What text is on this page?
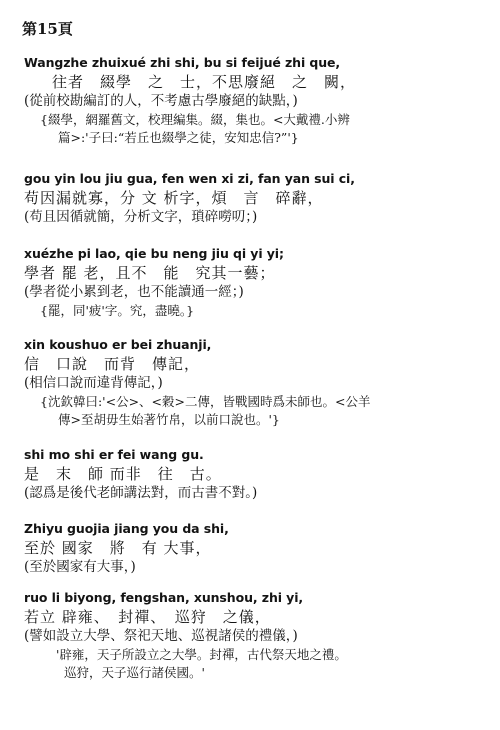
第15頁
Wangzhe zhuixué zhi shi, bu si feijué zhi que,
往者　綴學　之　士，不思廢絕　之　闕，
(從前校勘編訂的人，不考慮古學廢絕的缺點，)
{綴學，網羅舊文，校理編集。綴，集也。<大戴禮.小辨
篇>:'子曰:“若丘也綴學之徒，安知忠信?”'}
gou yin lou jiu gua, fen wen xi zi, fan yan sui ci,
苟因漏就寡，分 文 析字，煩　言　碎辭，
(苟且因循就簡，分析文字，瑣碎嘮叨；)
xuézhe pi lao, qie bu neng jiu qi yi yi;
學者 罷 老，且不　能　究其一藝；
(學者從小累到老，也不能讀通一經；)
{罷，同'疲'字。究，盡曉。}
xin koushuo er bei zhuanji,
信　口說　而背　傳記，
(相信口說而違背傳記，)
{沈欽韓曰:'<公>、<穀>二傳，皆戰國時爲未師也。<公羊
傳>至胡毋生始著竹帛，以前口說也。'}
shi mo shi er fei wang gu.
是　末　師 而非　往　古。
(認爲是後代老師講法對，而古書不對。)
Zhiyu guojia jiang you da shi,
至於 國家　將　有 大事，
(至於國家有大事，)
ruo li biyong, fengshan, xunshou, zhi yi,
若立 辟雍、　封禪、　巡狩　之儀，
(譬如設立大學、祭祀天地、巡視諸侯的禮儀，)
'辟雍，天子所設立之大學。封禪，古代祭天地之禮。
巡狩，天子巡行諸侯國。'
